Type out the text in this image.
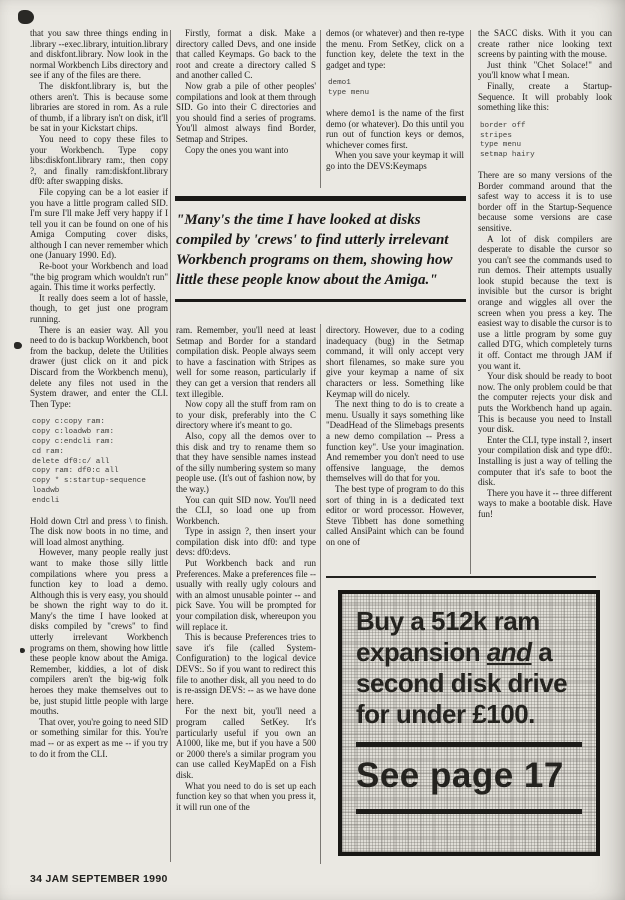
that you saw three things ending in .library --exec.library, intuition.library and diskfont.library. Now look in the normal Workbench Libs directory and see if any of the files are there.

The diskfont.library is, but the others aren't. This is because some libraries are stored in rom. As a rule of thumb, if a library isn't on disk, it'll be sat in your Kickstart chips.

You need to copy these files to your Workbench. Type copy libs:diskfont.library ram:, then copy ?, and finally ram:diskfont.library df0: after swapping disks.

File copying can be a lot easier if you have a little program called SID. I'm sure I'll make Jeff very happy if I tell you it can be found on one of his Amiga Computing cover disks, although I can never remember which one (January 1990. Ed).

Re-boot your Workbench and load "the big program which wouldn't run" again. This time it works perfectly.

It really does seem a lot of hassle, though, to get just one program running.

There is an easier way. All you need to do is backup Workbench, boot from the backup, delete the Utilities drawer (just click on it and pick Discard from the Workbench menu), delete any files not used in the System drawer, and enter the CLI. Then Type:

copy c:copy ram:
copy c:loadwb ram:
copy c:endcli ram:
cd ram:
delete df0:c/ all
copy ram: df0:c all
copy * s:startup-sequence
loadwb
endcli

Hold down Ctrl and press \ to finish. The disk now boots in no time, and will load almost anything.

However, many people really just want to make those silly little compilations where you press a function key to load a demo. Although this is very easy, you should be shown the right way to do it. Many's the time I have looked at disks compiled by "crews" to find utterly irrelevant Workbench programs on them, showing how little these people know about the Amiga. Remember, kiddies, a lot of disk compilers aren't the big-wig folk heroes they make themselves out to be, just stupid little people with large mouths.

That over, you're going to need SID or something similar for this. You're mad -- or as expert as me -- if you try to do it from the CLI.

Firstly, format a disk. Make a directory called Devs, and one inside that called Keymaps. Go back to the root and create a directory called S and another called C.

Now grab a pile of other peoples' compilations and look at them through SID. Go into their C directories and you should find a series of programs. You'll almost always find Border, Setmap and Stripes.

Copy the ones you want into

demos (or whatever) and then re-type the menu. From SetKey, click on a function key, delete the text in the gadget and type:

demo1
type menu

where demo1 is the name of the first demo (or whatever). Do this until you run out of function keys or demos, whichever comes first.

When you save your keymap it will go into the DEVS:Keymaps

the SACC disks. With it you can create rather nice looking text screens by painting with the mouse.

Just think "Chet Solace!" and you'll know what I mean.

Finally, create a Startup-Sequence. It will probably look something like this:

border off
stripes
type menu
setmap hairy

There are so many versions of the Border command around that the safest way to access it is to use border off in the Startup-Sequence because some versions are case sensitive.

A lot of disk compilers are desperate to disable the cursor so you can't see the commands used to run demos. Their attempts usually look stupid because the text is invisible but the cursor is bright orange and wiggles all over the screen when you press a key. The easiest way to disable the cursor is to use a little program by some guy called DTG, which completely turns it off. Contact me through JAM if you want it.

Your disk should be ready to boot now. The only problem could be that the computer rejects your disk and puts the Workbench hand up again. This is because you need to Install your disk.

Enter the CLI, type install ?, insert your compilation disk and type df0:. Installing is just a way of telling the computer that it's safe to boot the disk.

There you have it -- three different ways to make a bootable disk. Have fun!

"Many's the time I have looked at disks compiled by 'crews' to find utterly irrelevant Workbench programs on them, showing how little these people know about the Amiga."

ram. Remember, you'll need at least Setmap and Border for a standard compilation disk. People always seem to have a fascination with Stripes as well for some reason, particularly if they can get a version that renders all text illegible.

Now copy all the stuff from ram on to your disk, preferably into the C directory where it's meant to go.

Also, copy all the demos over to this disk and try to rename them so that they have sensible names instead of the silly numbering system so many people use. (It's out of fashion now, by the way.)

You can quit SID now. You'll need the CLI, so load one up from Workbench.

Type in assign ?, then insert your compilation disk into df0: and type devs: df0:devs.

Put Workbench back and run Preferences. Make a preferences file -- usually with really ugly colours and with an almost unusable pointer -- and pick Save. You will be prompted for your compilation disk, whereupon you will replace it.

This is because Preferences tries to save it's file (called System-Configuration) to the logical device DEVS:. So if you want to redirect this file to another disk, all you need to do is re-assign DEVS: -- as we have done here.

For the next bit, you'll need a program called SetKey. It's particularly useful if you own an A1000, like me, but if you have a 500 or 2000 there's a similar program you can use called KeyMapEd on a Fish disk.

What you need to do is set up each function key so that when you press it, it will run one of the

directory. However, due to a coding inadequacy (bug) in the Setmap command, it will only accept very short filenames, so make sure you give your keymap a name of six characters or less. Something like Keymap will do nicely.

The next thing to do is to create a menu. Usually it says something like "DeadHead of the Slimebags presents a new demo compilation -- Press a function key". Use your imagination. And remember you don't need to use offensive language, the demos themselves will do that for you.

The best type of program to do this sort of thing in is a dedicated text editor or word processor. However, Steve Tibbett has done something called AnsiPaint which can be found on one of

Buy a 512k ram expansion and a second disk drive for under £100.
See page 17
34 JAM SEPTEMBER 1990
